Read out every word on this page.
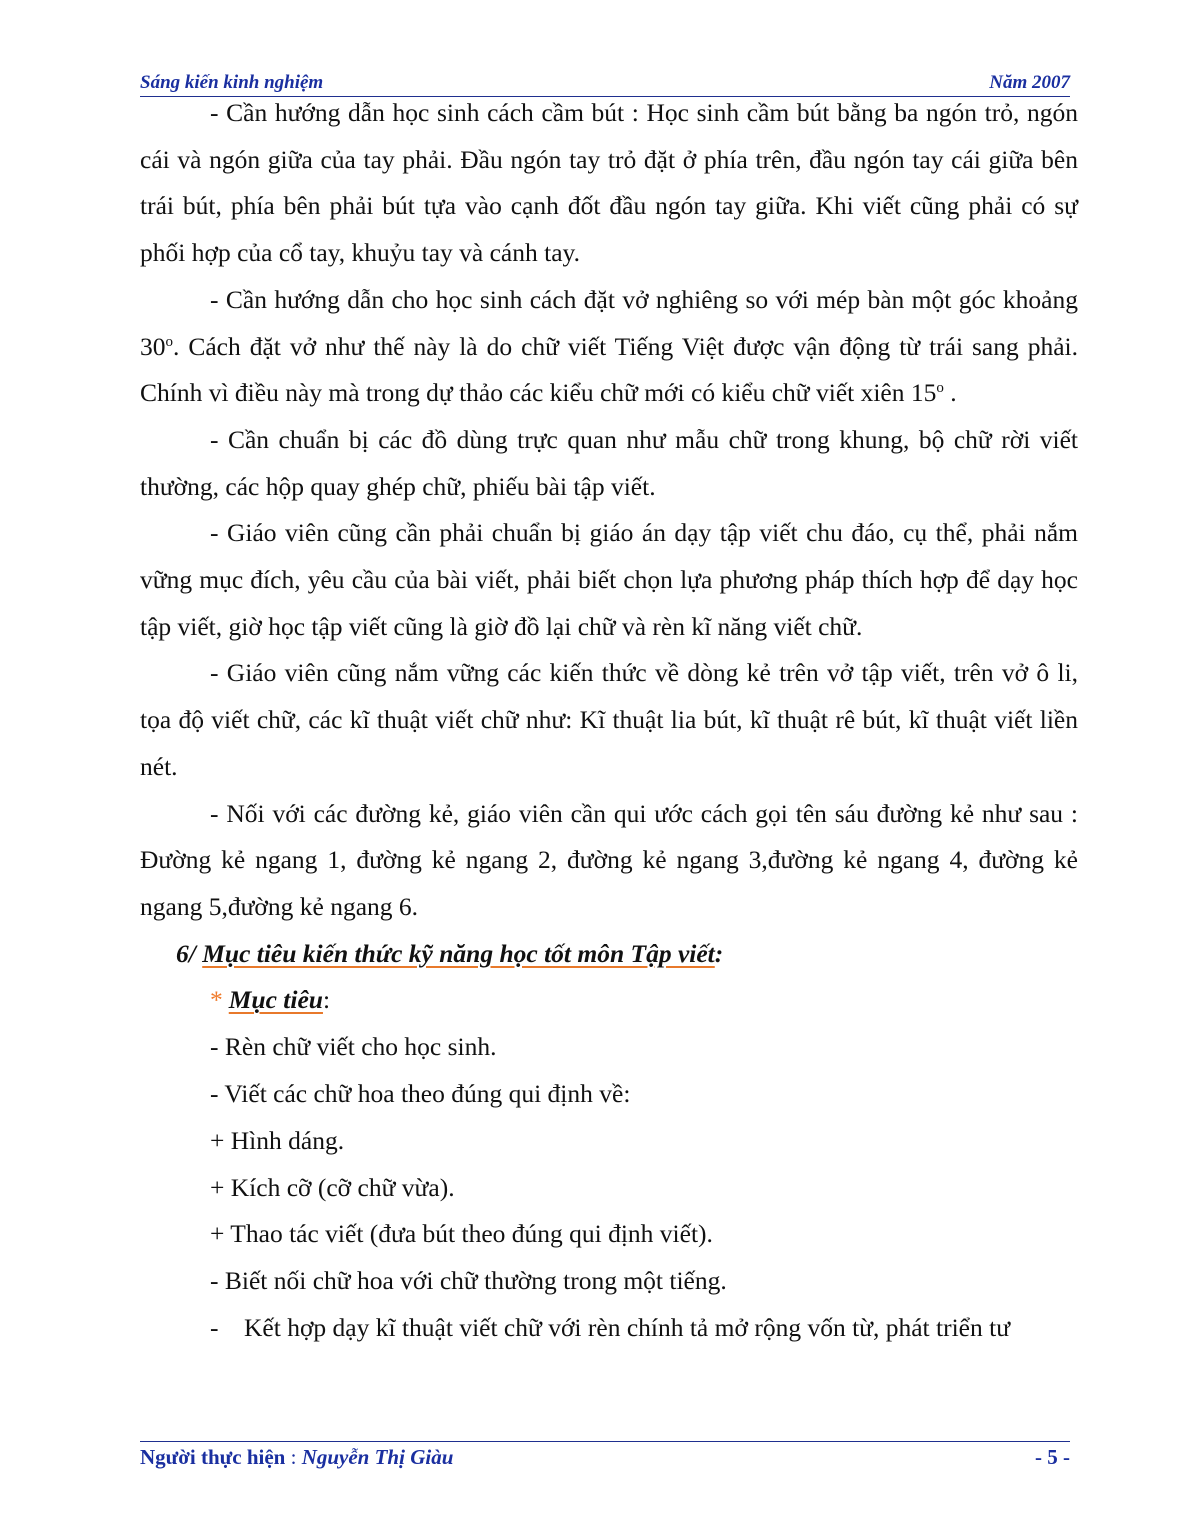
Sáng kiến kinh nghiệm	Năm 2007

- Cần hướng dẫn học sinh cách cầm bút : Học sinh cầm bút bằng ba ngón trỏ, ngón cái và ngón giữa của tay phải. Đầu ngón tay trỏ đặt ở phía trên, đầu ngón tay cái giữa bên trái bút, phía bên phải bút tựa vào cạnh đốt đầu ngón tay giữa. Khi viết cũng phải có sự phối hợp của cổ tay, khuỷu tay và cánh tay.

- Cần hướng dẫn cho học sinh cách đặt vở nghiêng so với mép bàn một góc khoảng 30$^o$. Cách đặt vở như thế này là do chữ viết Tiếng Việt được vận động từ trái sang phải. Chính vì điều này mà trong dự thảo các kiểu chữ mới có kiểu chữ viết xiên 15$^o$ .

- Cần chuẩn bị các đồ dùng trực quan như mẫu chữ trong khung, bộ chữ rời viết thường, các hộp quay ghép chữ, phiếu bài tập viết.

- Giáo viên cũng cần phải chuẩn bị giáo án dạy tập viết chu đáo, cụ thể, phải nắm vững mục đích, yêu cầu của bài viết, phải biết chọn lựa phương pháp thích hợp để dạy học tập viết, giờ học tập viết cũng là giờ đồ lại chữ và rèn kĩ năng viết chữ.

- Giáo viên cũng nắm vững các kiến thức về dòng kẻ trên vở tập viết, trên vở ô li, tọa độ viết chữ, các kĩ thuật viết chữ như: Kĩ thuật lia bút, kĩ thuật rê bút, kĩ thuật viết liền nét.

- Nối với các đường kẻ, giáo viên cần qui ước cách gọi tên sáu đường kẻ như sau : Đường kẻ ngang 1, đường kẻ ngang 2, đường kẻ ngang 3,đường kẻ ngang 4, đường kẻ ngang 5,đường kẻ ngang 6.

6/ Mục tiêu kiến thức kỹ năng học tốt môn Tập viết:

* Mục tiêu:

- Rèn chữ viết cho học sinh.

- Viết các chữ hoa theo đúng qui định về:

+ Hình dáng.

+ Kích cỡ (cỡ chữ vừa).

+ Thao tác viết (đưa bút theo đúng qui định viết).

- Biết nối chữ hoa với chữ thường trong một tiếng.

-	Kết hợp dạy kĩ thuật viết chữ với rèn chính tả mở rộng vốn từ, phát triển tư
Người thực hiện : Nguyễn Thị Giàu	- 5 -
